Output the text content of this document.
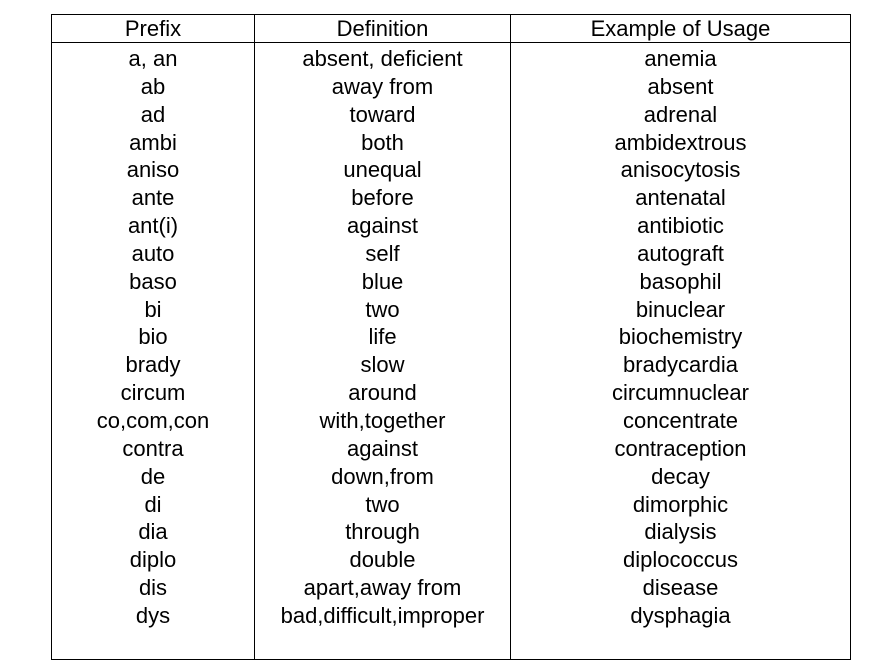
Prefix	Definition	Example of Usage
a, an	absent, deficient	anemia
ab	away from	absent
ad	toward	adrenal
ambi	both	ambidextrous
aniso	unequal	anisocytosis
ante	before	antenatal
ant(i)	against	antibiotic
auto	self	autograft
baso	blue	basophil
bi	two	binuclear
bio	life	biochemistry
brady	slow	bradycardia
circum	around	circumnuclear
co,com,con	with,together	concentrate
contra	against	contraception
de	down,from	decay
di	two	dimorphic
dia	through	dialysis
diplo	double	diplococcus
dis	apart,away from	disease
dys	bad,difficult,improper	dysphagia
